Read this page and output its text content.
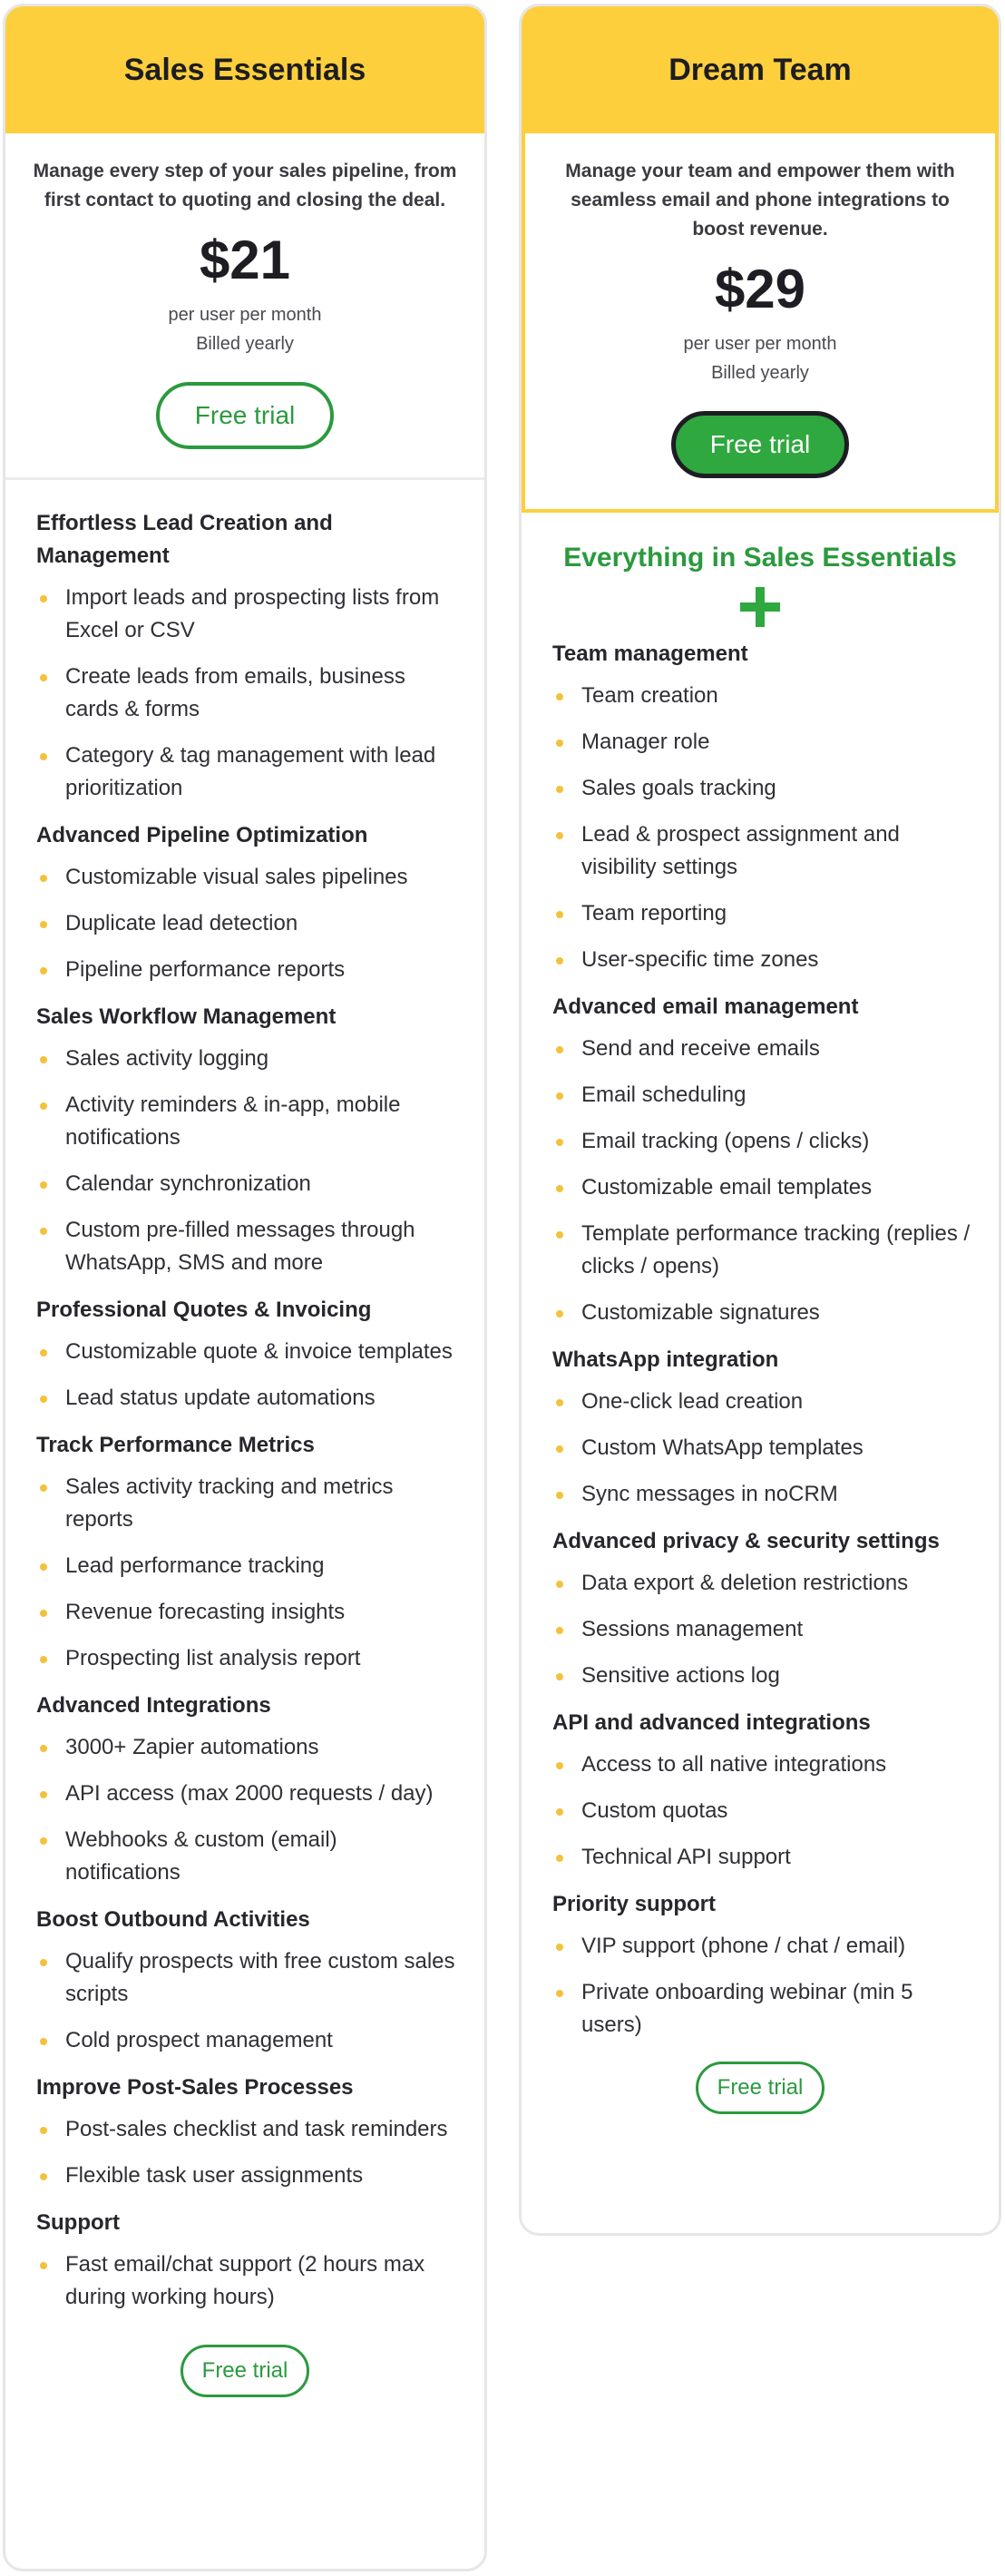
Sales Essentials

Manage every step of your sales pipeline, from first contact to quoting and closing the deal.

$21
per user per month
Billed yearly
Free trial
Effortless Lead Creation and Management
Import leads and prospecting lists from Excel or CSV
Create leads from emails, business cards & forms
Category & tag management with lead prioritization
Advanced Pipeline Optimization
Customizable visual sales pipelines
Duplicate lead detection
Pipeline performance reports
Sales Workflow Management
Sales activity logging
Activity reminders & in-app, mobile notifications
Calendar synchronization
Custom pre-filled messages through WhatsApp, SMS and more
Professional Quotes & Invoicing
Customizable quote & invoice templates
Lead status update automations
Track Performance Metrics
Sales activity tracking and metrics reports
Lead performance tracking
Revenue forecasting insights
Prospecting list analysis report
Advanced Integrations
3000+ Zapier automations
API access (max 2000 requests / day)
Webhooks & custom (email) notifications
Boost Outbound Activities
Qualify prospects with free custom sales scripts
Cold prospect management
Improve Post-Sales Processes
Post-sales checklist and task reminders
Flexible task user assignments
Support
Fast email/chat support (2 hours max during working hours)
Free trial
Dream Team

Manage your team and empower them with seamless email and phone integrations to boost revenue.

$29
per user per month
Billed yearly
Free trial
Everything in Sales Essentials
Team management
Team creation
Manager role
Sales goals tracking
Lead & prospect assignment and visibility settings
Team reporting
User-specific time zones
Advanced email management
Send and receive emails
Email scheduling
Email tracking (opens / clicks)
Customizable email templates
Template performance tracking (replies / clicks / opens)
Customizable signatures
WhatsApp integration
One-click lead creation
Custom WhatsApp templates
Sync messages in noCRM
Advanced privacy & security settings
Data export & deletion restrictions
Sessions management
Sensitive actions log
API and advanced integrations
Access to all native integrations
Custom quotas
Technical API support
Priority support
VIP support (phone / chat / email)
Private onboarding webinar (min 5 users)
Free trial
